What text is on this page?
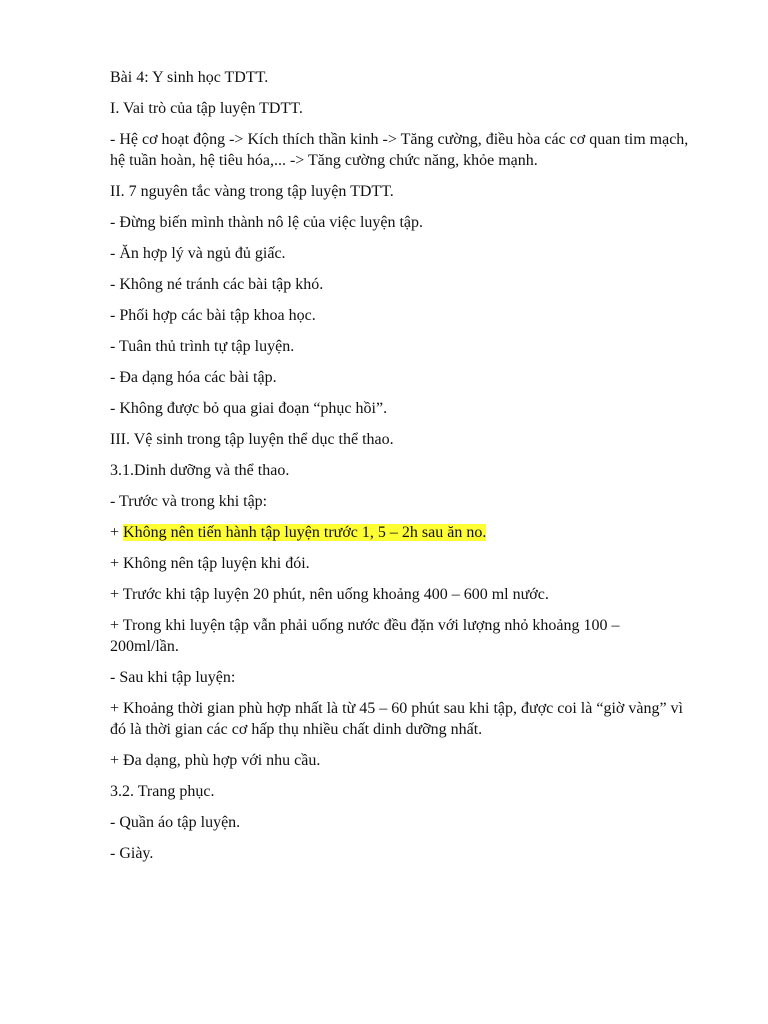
Bài 4: Y sinh học TDTT.

I. Vai trò của tập luyện TDTT.

- Hệ cơ hoạt động -> Kích thích thần kinh -> Tăng cường, điều hòa các cơ quan tim mạch, hệ tuần hoàn, hệ tiêu hóa,... -> Tăng cường chức năng, khỏe mạnh.

II. 7 nguyên tắc vàng trong tập luyện TDTT.

- Đừng biến mình thành nô lệ của việc luyện tập.

- Ăn hợp lý và ngủ đủ giấc.

- Không né tránh các bài tập khó.

- Phối hợp các bài tập khoa học.

- Tuân thủ trình tự tập luyện.

- Đa dạng hóa các bài tập.

- Không được bỏ qua giai đoạn “phục hồi”.

III. Vệ sinh trong tập luyện thể dục thể thao.

3.1.Dinh dưỡng và thể thao.

- Trước và trong khi tập:

+ Không nên tiến hành tập luyện trước 1, 5 – 2h sau ăn no.

+ Không nên tập luyện khi đói.

+ Trước khi tập luyện 20 phút, nên uống khoảng 400 – 600 ml nước.

+ Trong khi luyện tập vẫn phải uống nước đều đặn với lượng nhỏ khoảng 100 – 200ml/lần.

- Sau khi tập luyện:

+ Khoảng thời gian phù hợp nhất là từ 45 – 60 phút sau khi tập, được coi là “giờ vàng” vì đó là thời gian các cơ hấp thụ nhiều chất dinh dưỡng nhất.

+ Đa dạng, phù hợp với nhu cầu.

3.2. Trang phục.

- Quần áo tập luyện.

- Giày.
